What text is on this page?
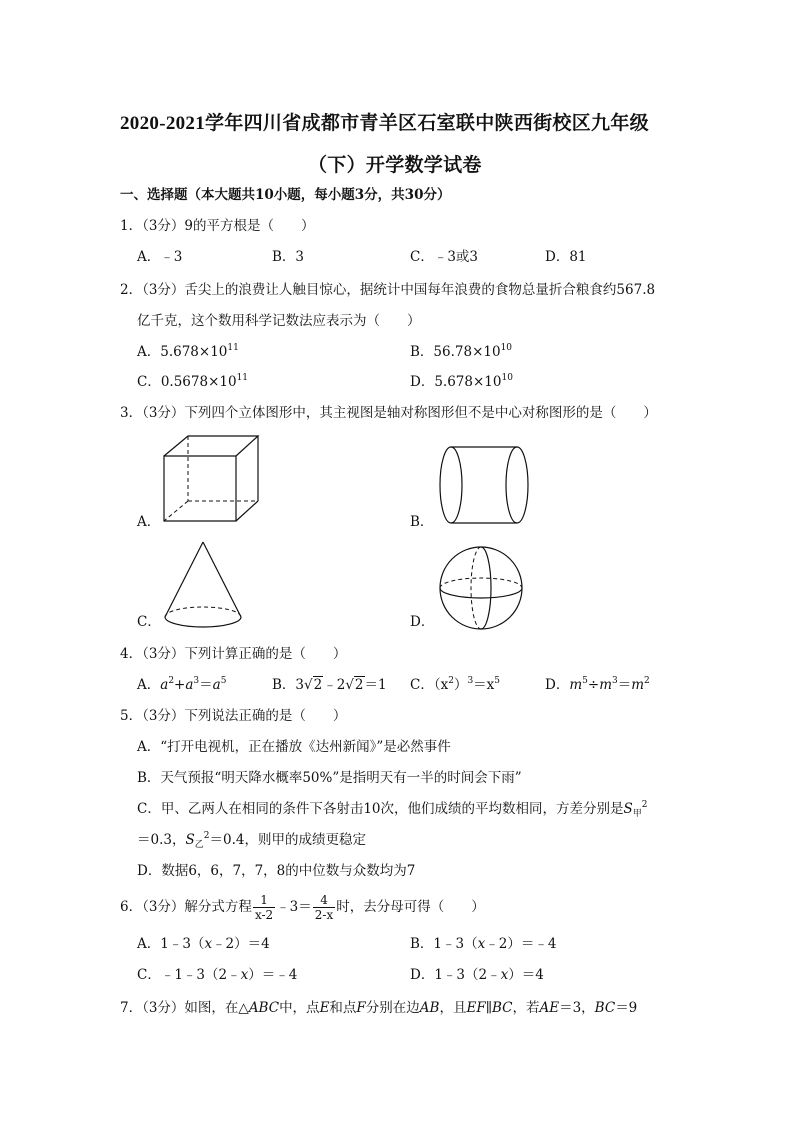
2020-2021学年四川省成都市青羊区石室联中陕西街校区九年级
（下）开学数学试卷
一、选择题（本大题共10小题，每小题3分，共30分）
1．（3分）9的平方根是（　　）
A．﹣3	B．3	C．﹣3或3	D．81
2．（3分）舌尖上的浪费让人触目惊心，据统计中国每年浪费的食物总量折合粮食约567.8
亿千克，这个数用科学记数法应表示为（　　）
A．$5.678\times 10^{11}$	B．$56.78\times 10^{10}$
C．$0.5678\times 10^{11}$	D．$5.678\times 10^{10}$
3．（3分）下列四个立体图形中，其主视图是轴对称图形但不是中心对称图形的是（　　）
A．	B．
C．	D．
4．（3分）下列计算正确的是（　　）
A．$a^2+a^3=a^5$	B．3√2﹣2√2＝1 C．$(x^2)^3=x^5$	D．$m^5\div m^3=m^2$
5．（3分）下列说法正确的是（　　）
A．“打开电视机，正在播放《达州新闻》”是必然事件
B．天气预报“明天降水概率50%”是指明天有一半的时间会下雨”
C．甲、乙两人在相同的条件下各射击10次，他们成绩的平均数相同，方差分别是$S_甲^2$
＝0.3，$S_乙^2=0.4$，则甲的成绩更稳定
D．数据6，6，7，7，8的中位数与众数均为7
6．（3分）解分式方程 $\frac{1}{x-2}$ ﹣3＝ $\frac{4}{2-x}$ 时，去分母可得（　　）
A．1﹣3（x﹣2）＝4	B．1﹣3（x﹣2）＝﹣4
C．﹣1﹣3（2﹣x）＝﹣4	D．1﹣3（2﹣x）＝4
7．（3分）如图，在△ABC中，点E和点F分别在边AB，且EF∥BC，若AE＝3，BC＝9
